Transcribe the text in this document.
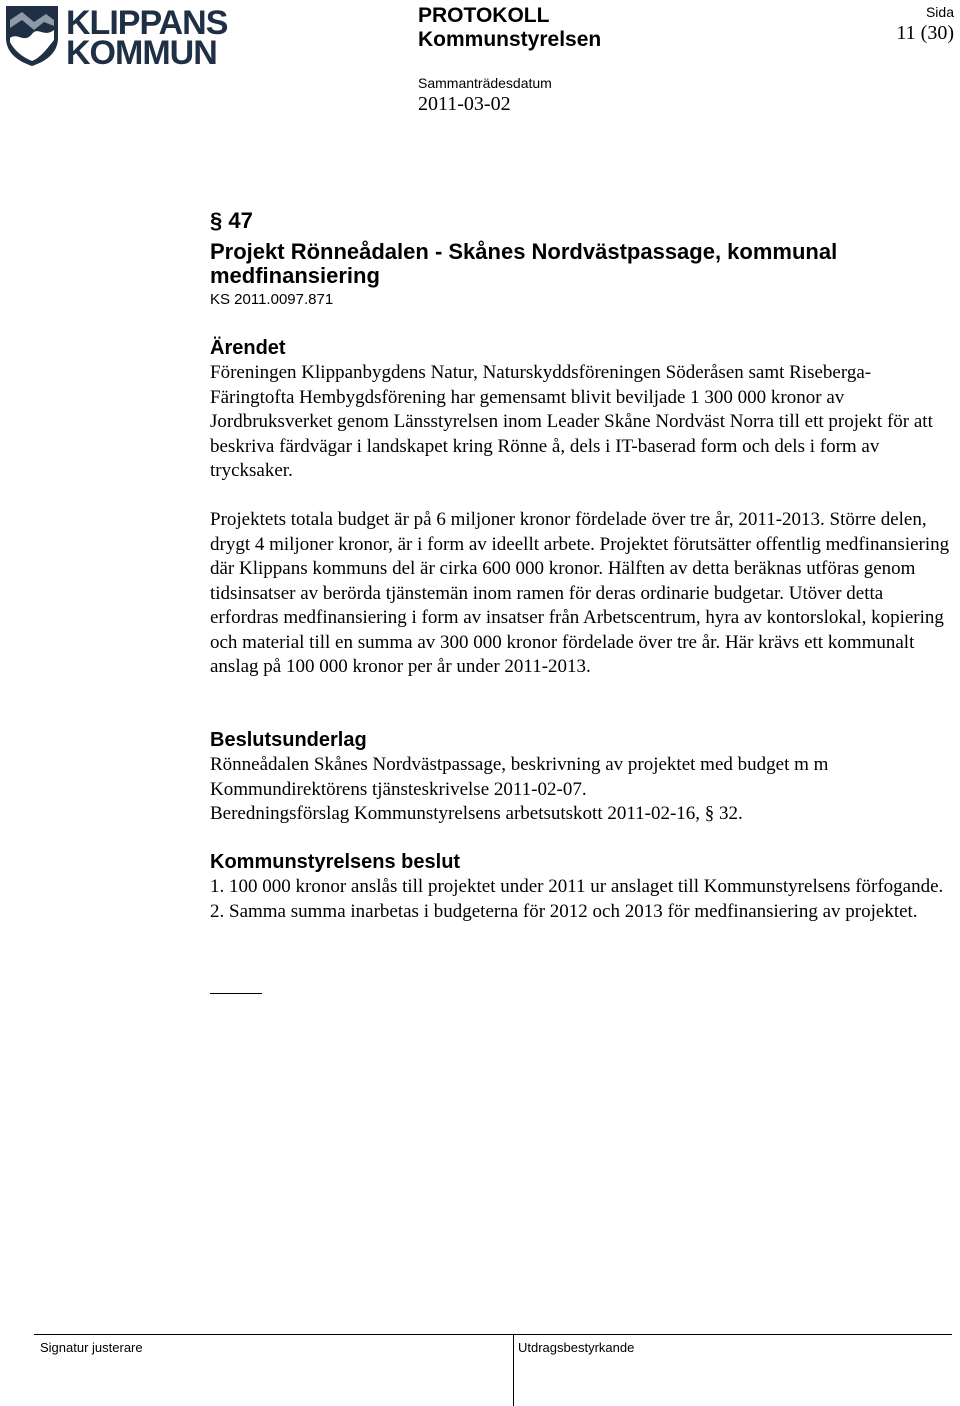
KLIPPANS
KOMMUN
PROTOKOLL
Kommunstyrelsen
Sammanträdesdatum
2011-03-02
Sida
11 (30)
§ 47
Projekt Rönneådalen - Skånes Nordvästpassage, kommunal medfinansiering
KS 2011.0097.871
Ärendet

Föreningen Klippanbygdens Natur, Naturskyddsföreningen Söderåsen samt Riseberga-Färingtofta Hembygdsförening har gemensamt blivit beviljade 1 300 000 kronor av Jordbruksverket genom Länsstyrelsen inom Leader Skåne Nordväst Norra till ett projekt för att beskriva färdvägar i landskapet kring Rönne å, dels i IT-baserad form och dels i form av trycksaker.

Projektets totala budget är på 6 miljoner kronor fördelade över tre år, 2011-2013. Större delen, drygt 4 miljoner kronor, är i form av ideellt arbete. Projektet förutsätter offentlig medfinansiering där Klippans kommuns del är cirka 600 000 kronor. Hälften av detta beräknas utföras genom tidsinsatser av berörda tjänstemän inom ramen för deras ordinarie budgetar. Utöver detta erfordras medfinansiering i form av insatser från Arbetscentrum, hyra av kontorslokal, kopiering och material till en summa av 300 000 kronor fördelade över tre år. Här krävs ett kommunalt anslag på 100 000 kronor per år under 2011-2013.

Beslutsunderlag

Rönneådalen Skånes Nordvästpassage, beskrivning av projektet med budget m m

Kommundirektörens tjänsteskrivelse 2011-02-07.

Beredningsförslag Kommunstyrelsens arbetsutskott 2011-02-16, § 32.

Kommunstyrelsens beslut

1. 100 000 kronor anslås till projektet under 2011 ur anslaget till Kommunstyrelsens förfogande.

2. Samma summa inarbetas i budgeterna för 2012 och 2013 för medfinansiering av projektet.

Signatur justerare	Utdragsbestyrkande
